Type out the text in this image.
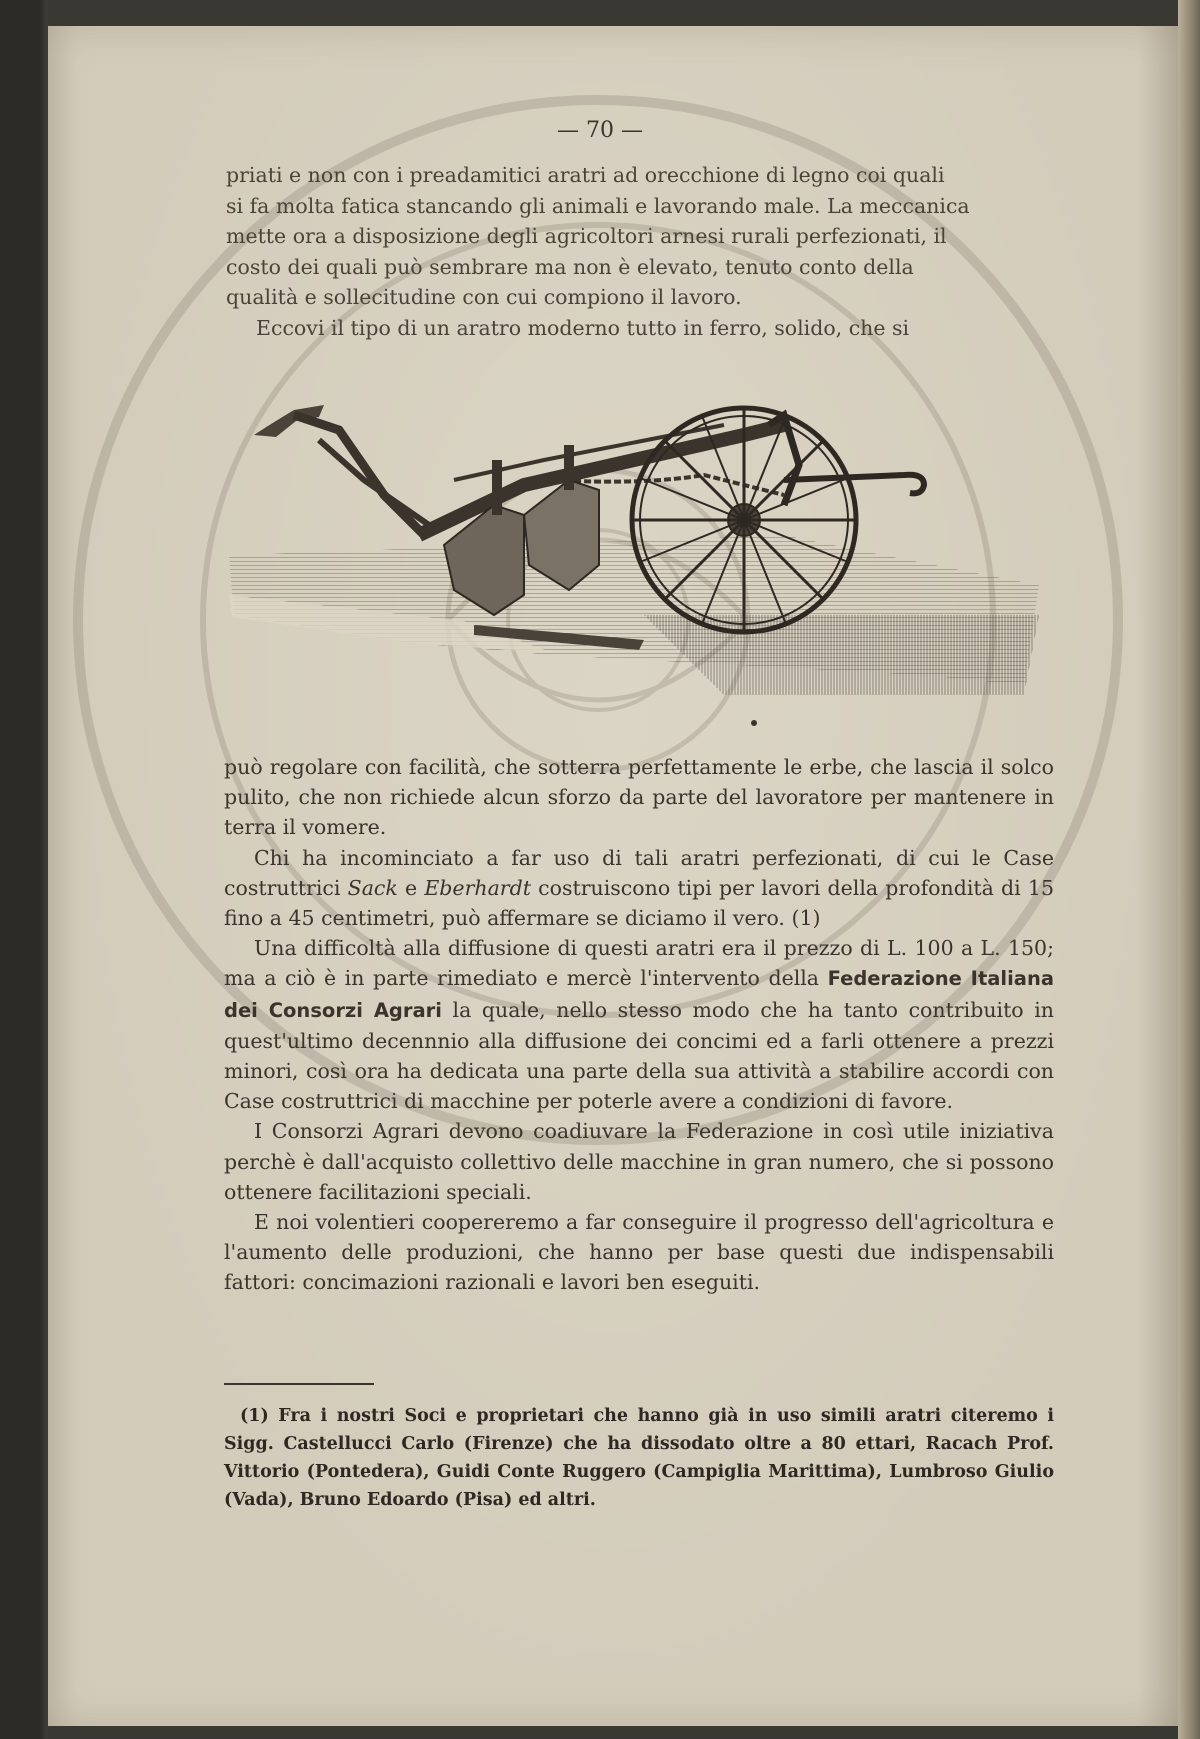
— 70 —

priati e non con i preadamitici aratri ad orecchione di legno coi quali

si fa molta fatica stancando gli animali e lavorando male. La meccanica

mette ora a disposizione degli agricoltori arnesi rurali perfezionati, il

costo dei quali può sembrare ma non è elevato, tenuto conto della

qualità e sollecitudine con cui compiono il lavoro.

Eccovi il tipo di un aratro moderno tutto in ferro, solido, che si

può regolare con facilità, che sotterra perfettamente le erbe, che lascia il solco pulito, che non richiede alcun sforzo da parte del lavoratore per mantenere in terra il vomere.

Chi ha incominciato a far uso di tali aratri perfezionati, di cui le Case costruttrici Sack e Eberhardt costruiscono tipi per lavori della profondità di 15 fino a 45 centimetri, può affermare se diciamo il vero. (1)

Una difficoltà alla diffusione di questi aratri era il prezzo di L. 100 a L. 150; ma a ciò è in parte rimediato e mercè l'intervento della Federazione Italiana dei Consorzi Agrari la quale, nello stesso modo che ha tanto contribuito in quest'ultimo decennnio alla diffusione dei concimi ed a farli ottenere a prezzi minori, così ora ha dedicata una parte della sua attività a stabilire accordi con Case costruttrici di macchine per poterle avere a condizioni di favore.

I Consorzi Agrari devono coadiuvare la Federazione in così utile iniziativa perchè è dall'acquisto collettivo delle macchine in gran numero, che si possono ottenere facilitazioni speciali.

E noi volentieri coopereremo a far conseguire il progresso dell'agricoltura e l'aumento delle produzioni, che hanno per base questi due indispensabili fattori: concimazioni razionali e lavori ben eseguiti.

(1) Fra i nostri Soci e proprietari che hanno già in uso simili aratri citeremo i Sigg. Castellucci Carlo (Firenze) che ha dissodato oltre a 80 ettari, Racach Prof. Vittorio (Pontedera), Guidi Conte Ruggero (Campiglia Marittima), Lumbroso Giulio (Vada), Bruno Edoardo (Pisa) ed altri.
